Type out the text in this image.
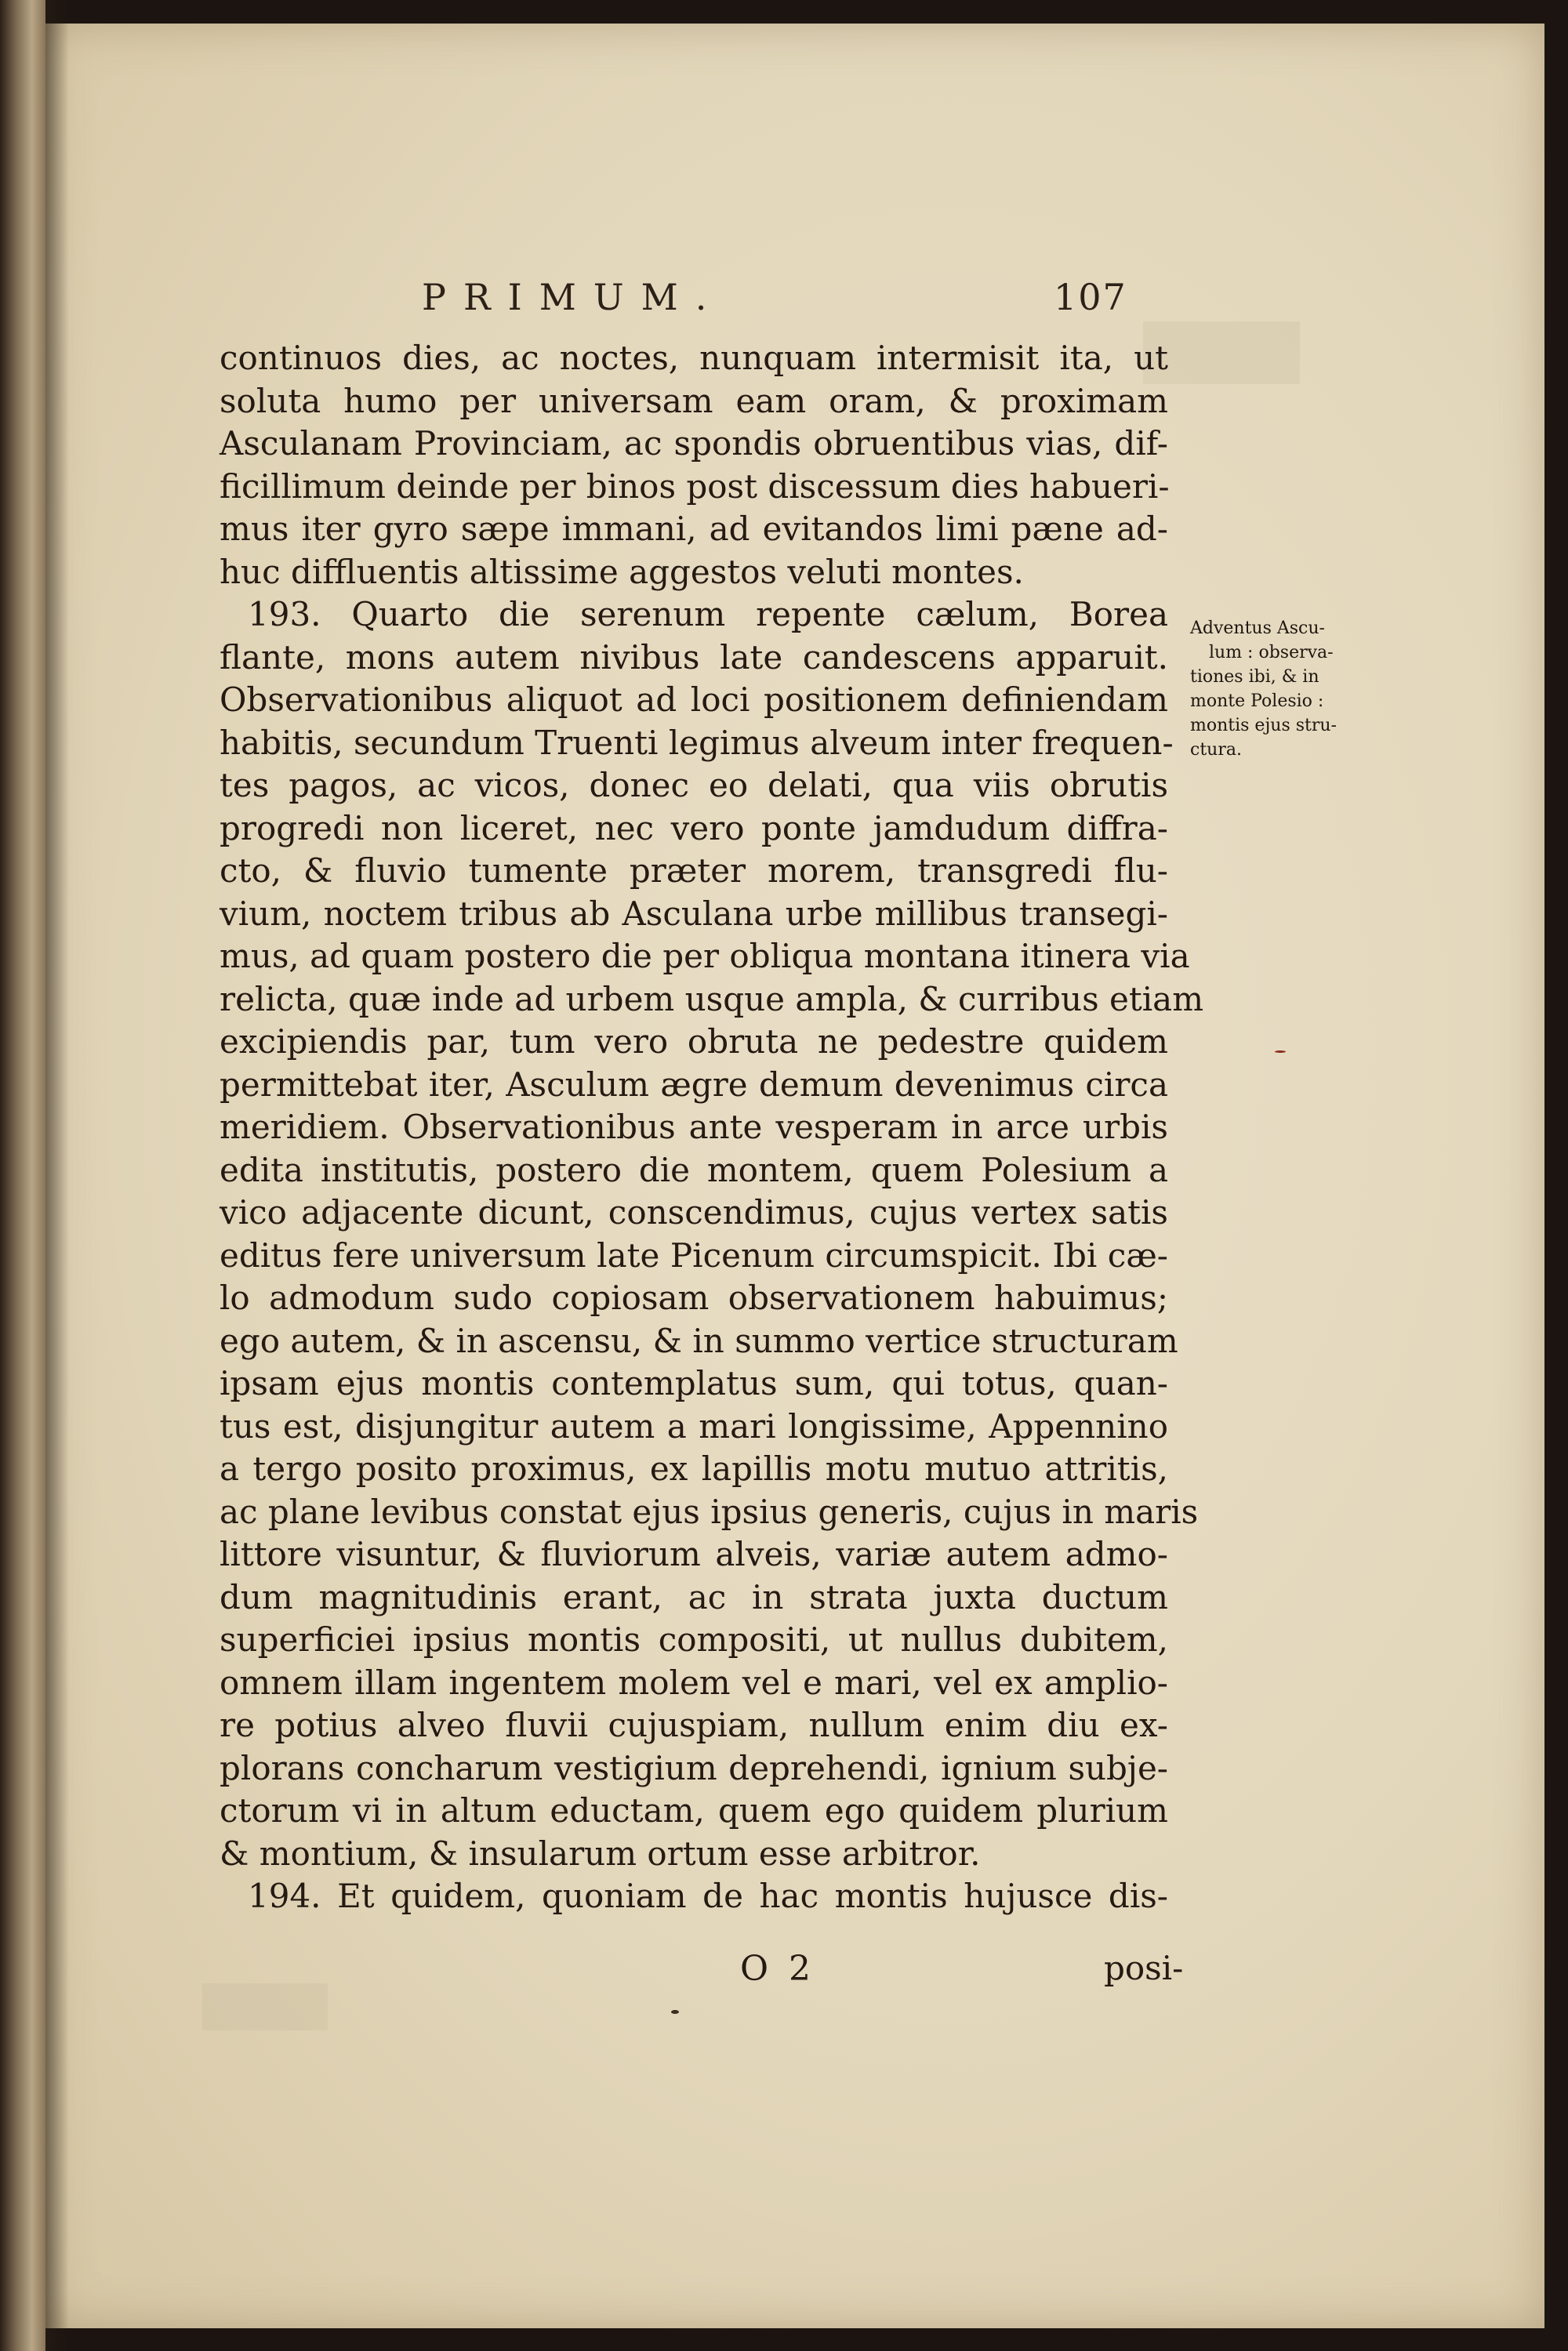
PRIMUM.	107
continuos dies, ac noctes, nunquam intermisit ita, ut
soluta humo per universam eam oram, & proximam
Asculanam Provinciam, ac spondis obruentibus vias, dif-
ficillimum deinde per binos post discessum dies habueri-
mus iter gyro sæpe immani, ad evitandos limi pæne ad-
huc diffluentis altissime aggestos veluti montes.
193. Quarto die serenum repente cælum, Borea
flante, mons autem nivibus late candescens apparuit.
Observationibus aliquot ad loci positionem definiendam
habitis, secundum Truenti legimus alveum inter frequen-
tes pagos, ac vicos, donec eo delati, qua viis obrutis
progredi non liceret, nec vero ponte jamdudum diffra-
cto, & fluvio tumente præter morem, transgredi flu-
vium, noctem tribus ab Asculana urbe millibus transegi-
mus, ad quam postero die per obliqua montana itinera via
relicta, quæ inde ad urbem usque ampla, & curribus etiam
excipiendis par, tum vero obruta ne pedestre quidem
permittebat iter, Asculum ægre demum devenimus circa
meridiem. Observationibus ante vesperam in arce urbis
edita institutis, postero die montem, quem Polesium a
vico adjacente dicunt, conscendimus, cujus vertex satis
editus fere universum late Picenum circumspicit. Ibi cæ-
lo admodum sudo copiosam observationem habuimus;
ego autem, & in ascensu, & in summo vertice structuram
ipsam ejus montis contemplatus sum, qui totus, quan-
tus est, disjungitur autem a mari longissime, Appennino
a tergo posito proximus, ex lapillis motu mutuo attritis,
ac plane levibus constat ejus ipsius generis, cujus in maris
littore visuntur, & fluviorum alveis, variæ autem admo-
dum magnitudinis erant, ac in strata juxta ductum
superficiei ipsius montis compositi, ut nullus dubitem,
omnem illam ingentem molem vel e mari, vel ex amplio-
re potius alveo fluvii cujuspiam, nullum enim diu ex-
plorans concharum vestigium deprehendi, ignium subje-
ctorum vi in altum eductam, quem ego quidem plurium
& montium, & insularum ortum esse arbitror.
194. Et quidem, quoniam de hac montis hujusce dis-
Adventus Ascu-
lum : observa-
tiones ibi, & in
monte Polesio :
montis ejus stru-
ctura.
O 2	posi-
